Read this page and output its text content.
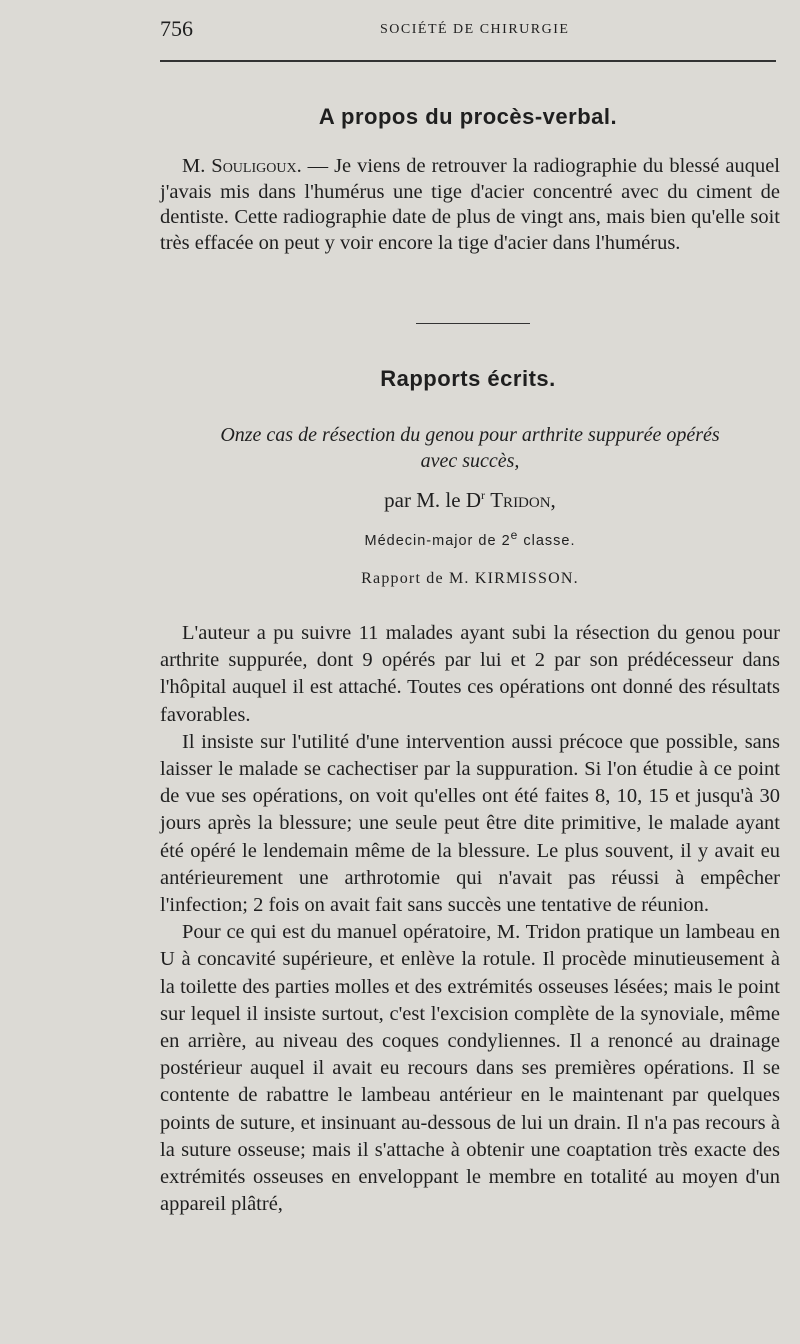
756	SOCIÉTÉ DE CHIRURGIE
A propos du procès-verbal.
M. Souligoux. — Je viens de retrouver la radiographie du blessé auquel j'avais mis dans l'humérus une tige d'acier concentré avec du ciment de dentiste. Cette radiographie date de plus de vingt ans, mais bien qu'elle soit très effacée on peut y voir encore la tige d'acier dans l'humérus.
Rapports écrits.
Onze cas de résection du genou pour arthrite suppurée opérés
avec succès,
par M. le $D^r$ Tridon,
Médecin-major de 2e classe.
Rapport de M. KIRMISSON.

L'auteur a pu suivre 11 malades ayant subi la résection du genou pour arthrite suppurée, dont 9 opérés par lui et 2 par son prédécesseur dans l'hôpital auquel il est attaché. Toutes ces opérations ont donné des résultats favorables.

Il insiste sur l'utilité d'une intervention aussi précoce que possible, sans laisser le malade se cachectiser par la suppuration. Si l'on étudie à ce point de vue ses opérations, on voit qu'elles ont été faites 8, 10, 15 et jusqu'à 30 jours après la blessure; une seule peut être dite primitive, le malade ayant été opéré le lendemain même de la blessure. Le plus souvent, il y avait eu antérieurement une arthrotomie qui n'avait pas réussi à empêcher l'infection; 2 fois on avait fait sans succès une tentative de réunion.

Pour ce qui est du manuel opératoire, M. Tridon pratique un lambeau en U à concavité supérieure, et enlève la rotule. Il procède minutieusement à la toilette des parties molles et des extrémités osseuses lésées; mais le point sur lequel il insiste surtout, c'est l'excision complète de la synoviale, même en arrière, au niveau des coques condyliennes. Il a renoncé au drainage postérieur auquel il avait eu recours dans ses premières opérations. Il se contente de rabattre le lambeau antérieur en le maintenant par quelques points de suture, et insinuant au-dessous de lui un drain. Il n'a pas recours à la suture osseuse; mais il s'attache à obtenir une coaptation très exacte des extrémités osseuses en enveloppant le membre en totalité au moyen d'un appareil plâtré,
